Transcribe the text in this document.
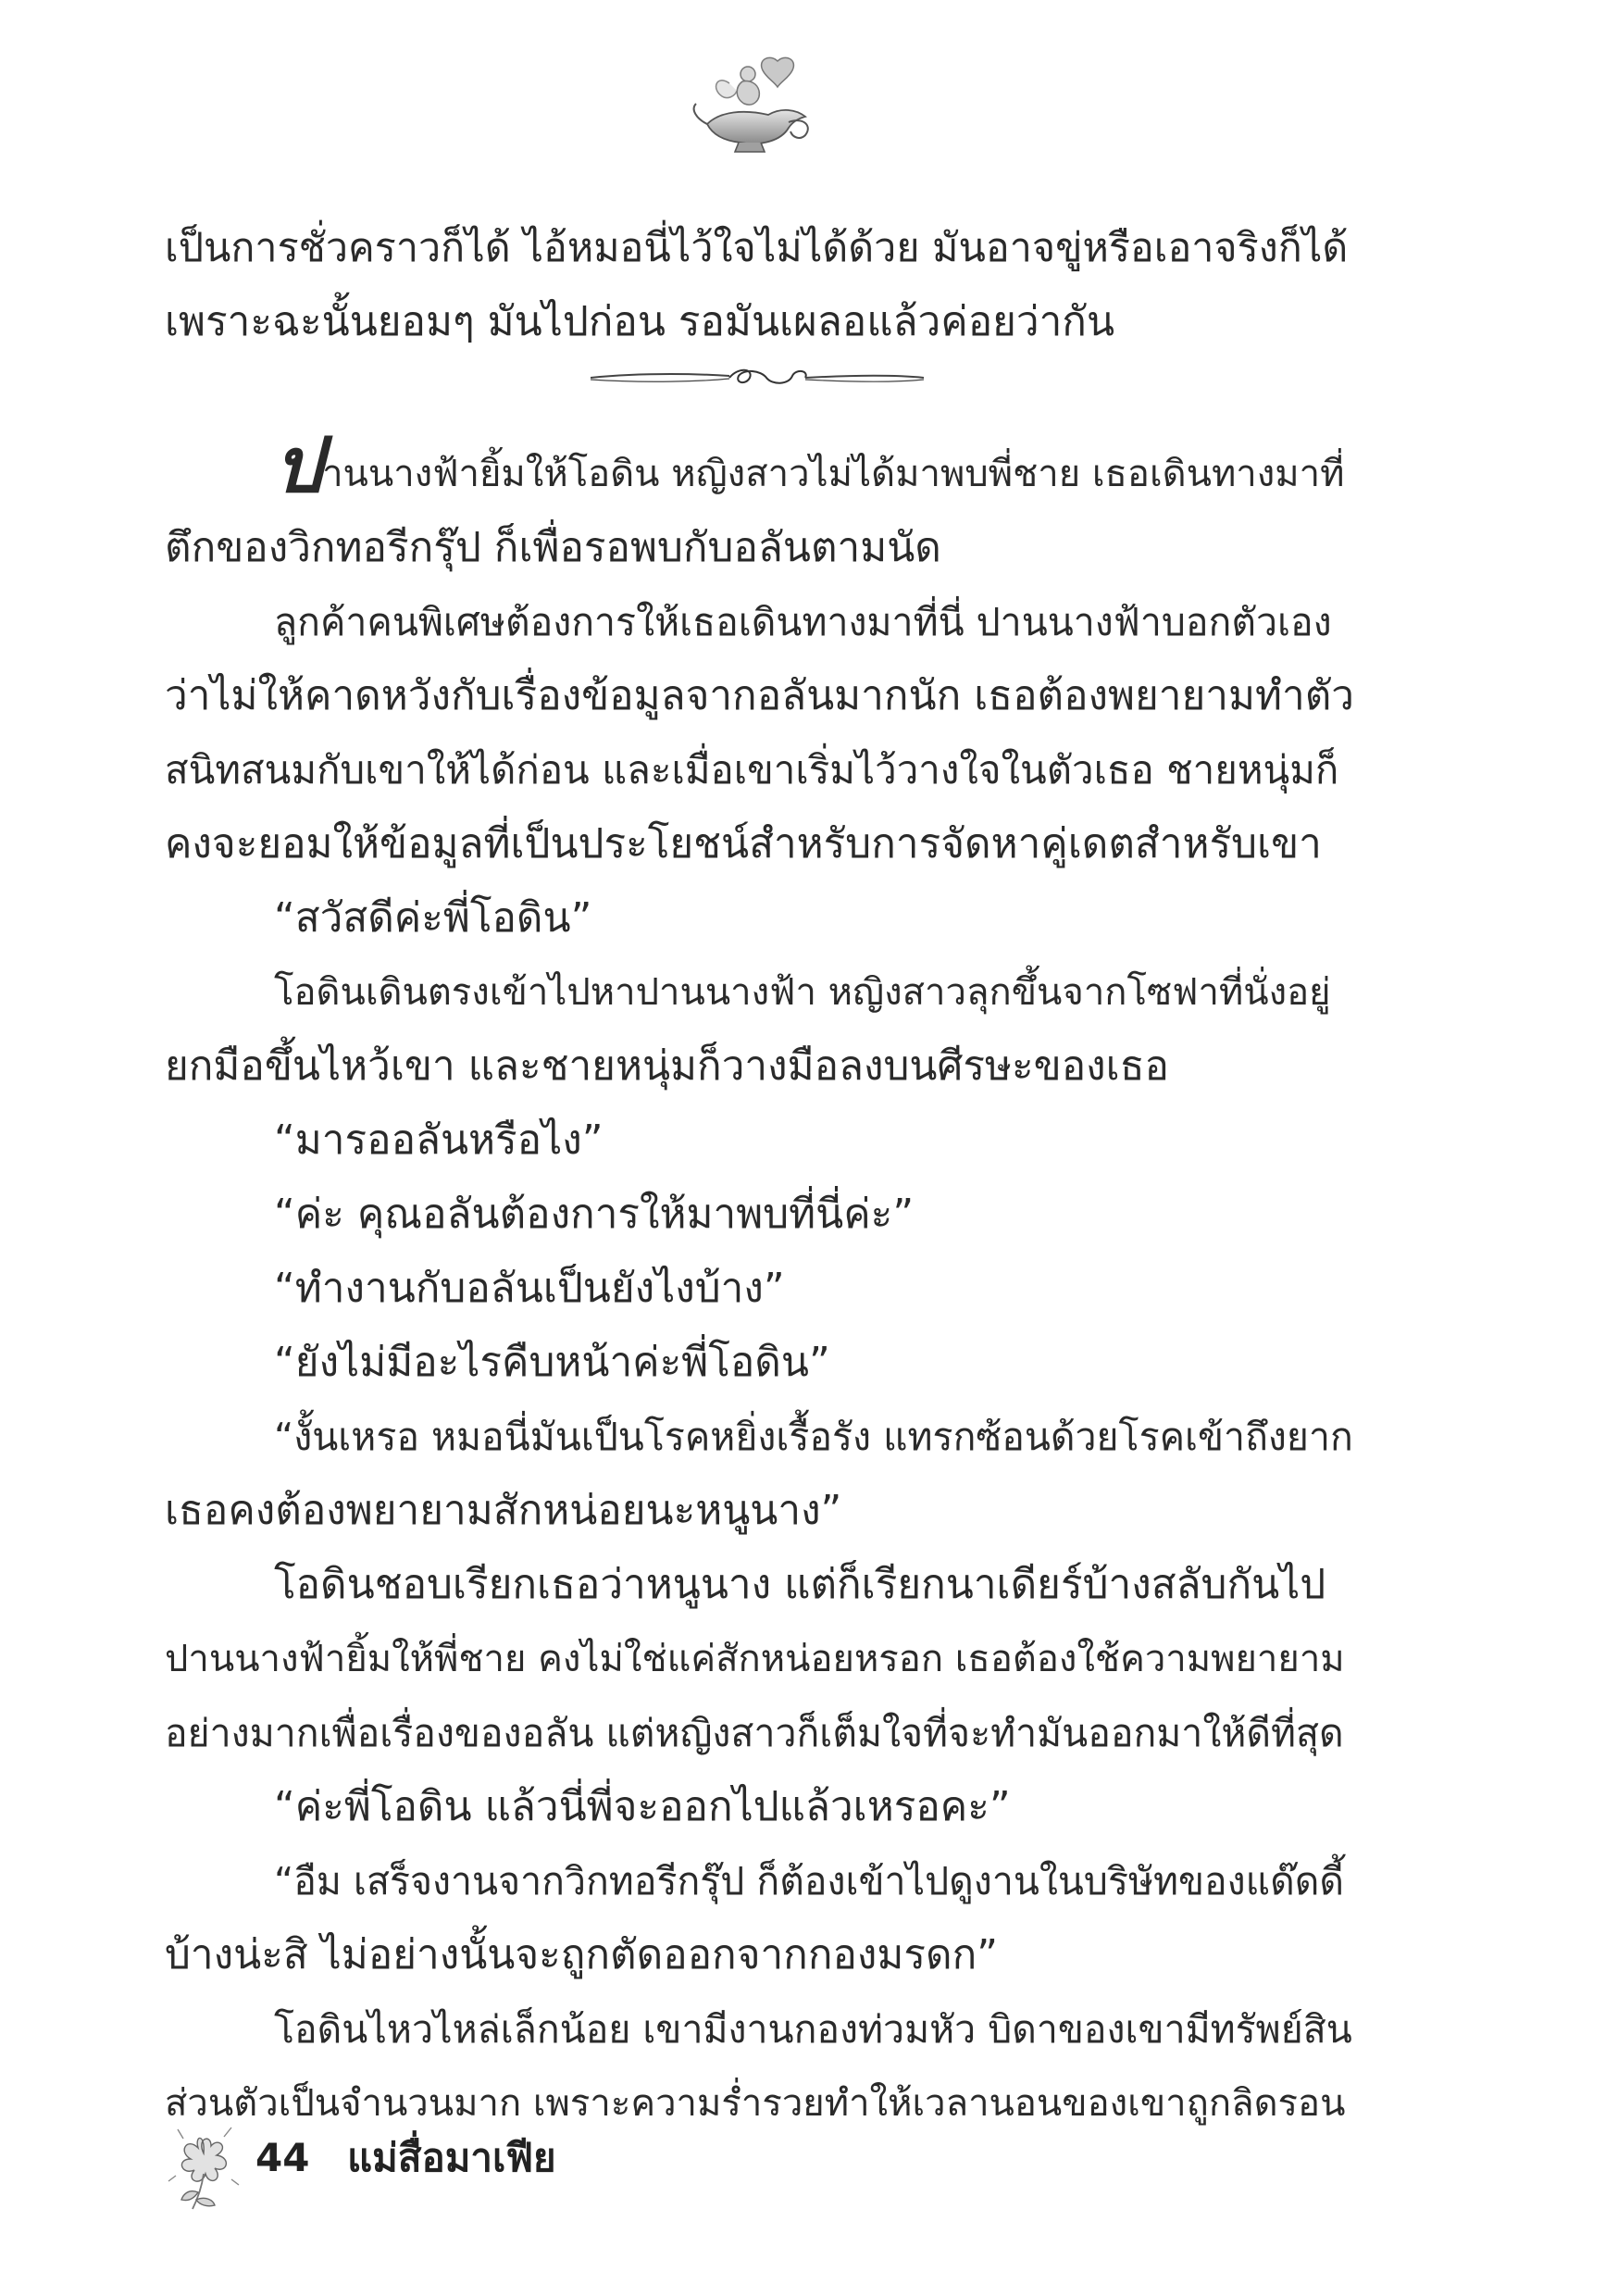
เป็นการชั่วคราวก็ได้ ไอ้หมอนี่ไว้ใจไม่ได้ด้วย มันอาจขู่หรือเอาจริงก็ได้
เพราะฉะนั้นยอมๆ มันไปก่อน รอมันเผลอแล้วค่อยว่ากัน
ปานนางฟ้ายิ้มให้โอดิน หญิงสาวไม่ได้มาพบพี่ชาย เธอเดินทางมาที่
ตึกของวิกทอรีกรุ๊ป ก็เพื่อรอพบกับอลันตามนัด
ลูกค้าคนพิเศษต้องการให้เธอเดินทางมาที่นี่ ปานนางฟ้าบอกตัวเอง
ว่าไม่ให้คาดหวังกับเรื่องข้อมูลจากอลันมากนัก เธอต้องพยายามทำตัว
สนิทสนมกับเขาให้ได้ก่อน และเมื่อเขาเริ่มไว้วางใจในตัวเธอ ชายหนุ่มก็
คงจะยอมให้ข้อมูลที่เป็นประโยชน์สำหรับการจัดหาคู่เดตสำหรับเขา
“สวัสดีค่ะพี่โอดิน”
โอดินเดินตรงเข้าไปหาปานนางฟ้า หญิงสาวลุกขึ้นจากโซฟาที่นั่งอยู่
ยกมือขึ้นไหว้เขา และชายหนุ่มก็วางมือลงบนศีรษะของเธอ
“มารออลันหรือไง”
“ค่ะ คุณอลันต้องการให้มาพบที่นี่ค่ะ”
“ทำงานกับอลันเป็นยังไงบ้าง”
“ยังไม่มีอะไรคืบหน้าค่ะพี่โอดิน”
“งั้นเหรอ หมอนี่มันเป็นโรคหยิ่งเรื้อรัง แทรกซ้อนด้วยโรคเข้าถึงยาก
เธอคงต้องพยายามสักหน่อยนะหนูนาง”
โอดินชอบเรียกเธอว่าหนูนาง แต่ก็เรียกนาเดียร์บ้างสลับกันไป
ปานนางฟ้ายิ้มให้พี่ชาย คงไม่ใช่แค่สักหน่อยหรอก เธอต้องใช้ความพยายาม
อย่างมากเพื่อเรื่องของอลัน แต่หญิงสาวก็เต็มใจที่จะทำมันออกมาให้ดีที่สุด
“ค่ะพี่โอดิน แล้วนี่พี่จะออกไปแล้วเหรอคะ”
“อืม เสร็จงานจากวิกทอรีกรุ๊ป ก็ต้องเข้าไปดูงานในบริษัทของแด๊ดดี้
บ้างน่ะสิ ไม่อย่างนั้นจะถูกตัดออกจากกองมรดก”
โอดินไหวไหล่เล็กน้อย เขามีงานกองท่วมหัว บิดาของเขามีทรัพย์สิน
ส่วนตัวเป็นจำนวนมาก เพราะความร่ำรวยทำให้เวลานอนของเขาถูกลิดรอน
44 แม่สื่อมาเฟีย
